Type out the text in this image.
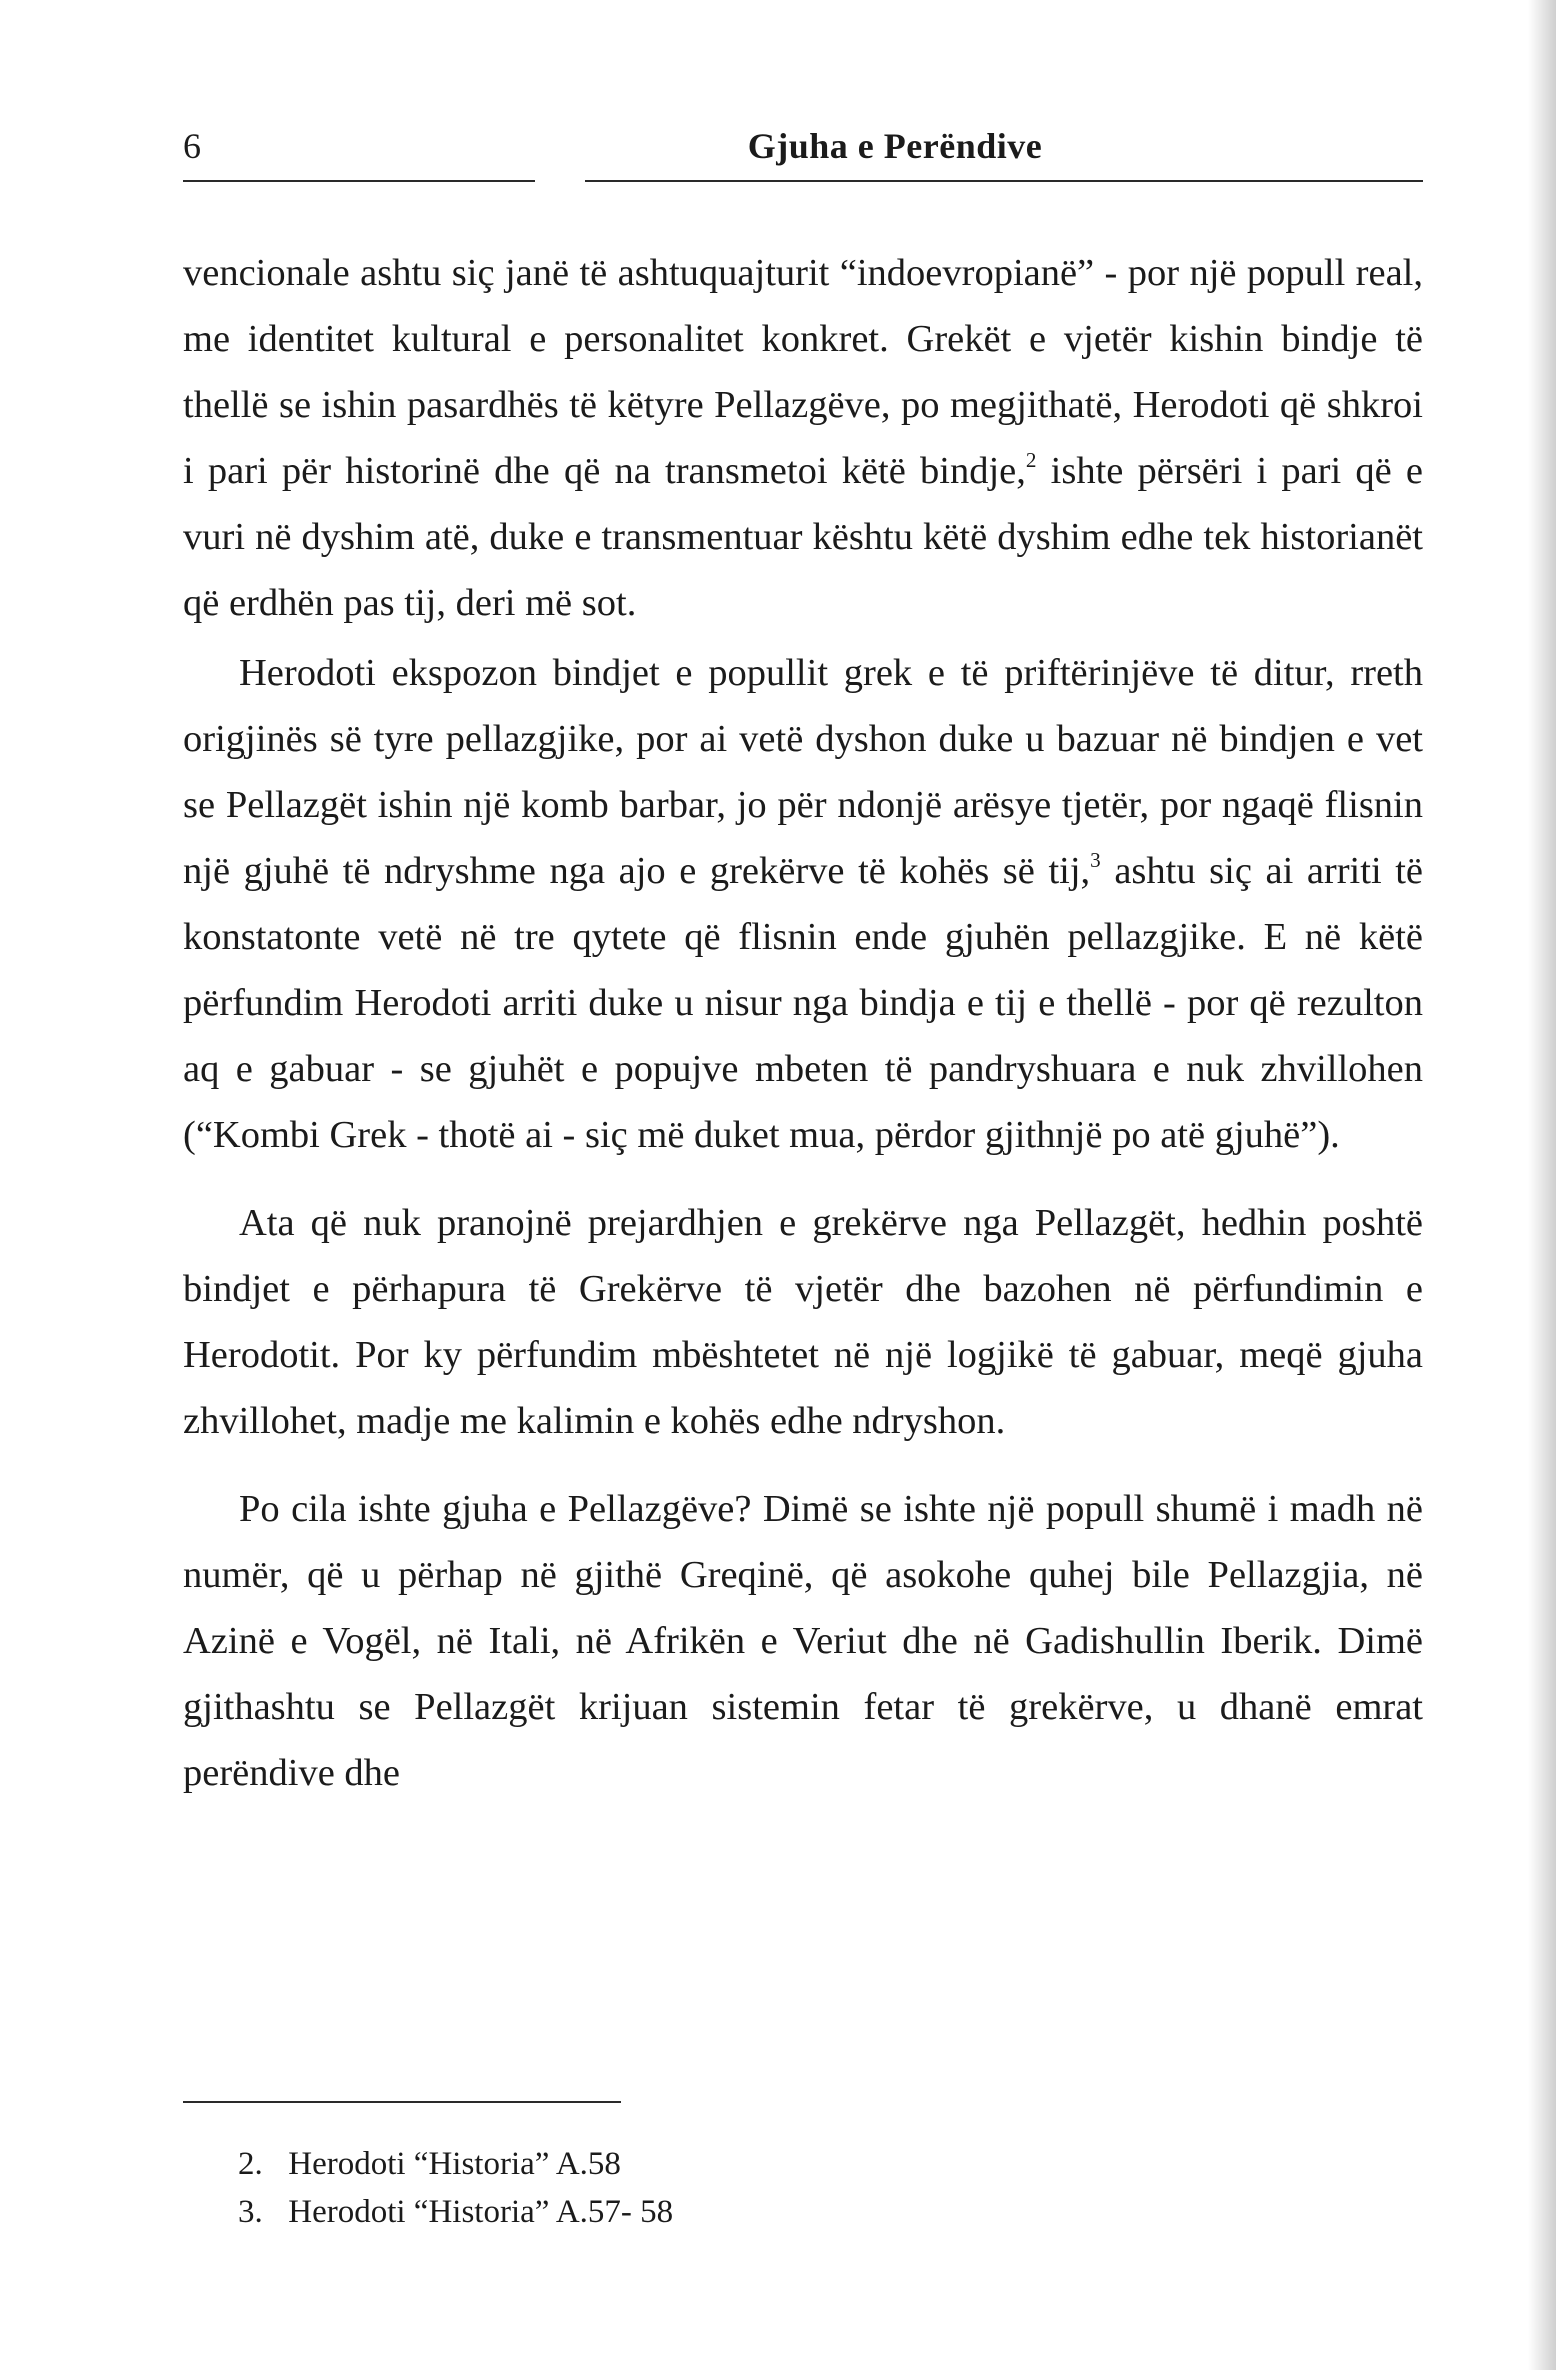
6	Gjuha e Perëndive

vencionale ashtu siç janë të ashtuquajturit “indoevropianë” - por një popull real, me identitet kultural e personalitet konkret. Grekët e vjetër kishin bindje të thellë se ishin pasardhës të këtyre Pellazgëve, po megjithatë, Herodoti që shkroi i pari për historinë dhe që na transmetoi këtë bindje,$^2$ ishte përsëri i pari që e vuri në dyshim atë, duke e transmentuar kështu këtë dyshim edhe tek historianët që erdhën pas tij, deri më sot.

Herodoti ekspozon bindjet e popullit grek e të priftërinjëve të ditur, rreth origjinës së tyre pellazgjike, por ai vetë dyshon duke u bazuar në bindjen e vet se Pellazgët ishin një komb barbar, jo për ndonjë arësye tjetër, por ngaqë flisnin një gjuhë të ndryshme nga ajo e grekërve të kohës së tij,$^3$ ashtu siç ai arriti të konstatonte vetë në tre qytete që flisnin ende gjuhën pellazgjike. E në këtë përfundim Herodoti arriti duke u nisur nga bindja e tij e thellë - por që rezulton aq e gabuar - se gjuhët e popujve mbeten të pandryshuara e nuk zhvillohen (“Kombi Grek - thotë ai - siç më duket mua, përdor gjithnjë po atë gjuhë”).

Ata që nuk pranojnë prejardhjen e grekërve nga Pellazgët, hedhin poshtë bindjet e përhapura të Grekërve të vjetër dhe bazohen në përfundimin e Herodotit. Por ky përfundim mbështetet në një logjikë të gabuar, meqë gjuha zhvillohet, madje me kalimin e kohës edhe ndryshon.

Po cila ishte gjuha e Pellazgëve? Dimë se ishte një popull shumë i madh në numër, që u përhap në gjithë Greqinë, që asokohe quhej bile Pellazgjia, në Azinë e Vogël, në Itali, në Afrikën e Veriut dhe në Gadishullin Iberik. Dimë gjithashtu se Pellazgët krijuan sistemin fetar të grekërve, u dhanë emrat perëndive dhe

2. Herodoti “Historia” A.58
3. Herodoti “Historia” A.57- 58
